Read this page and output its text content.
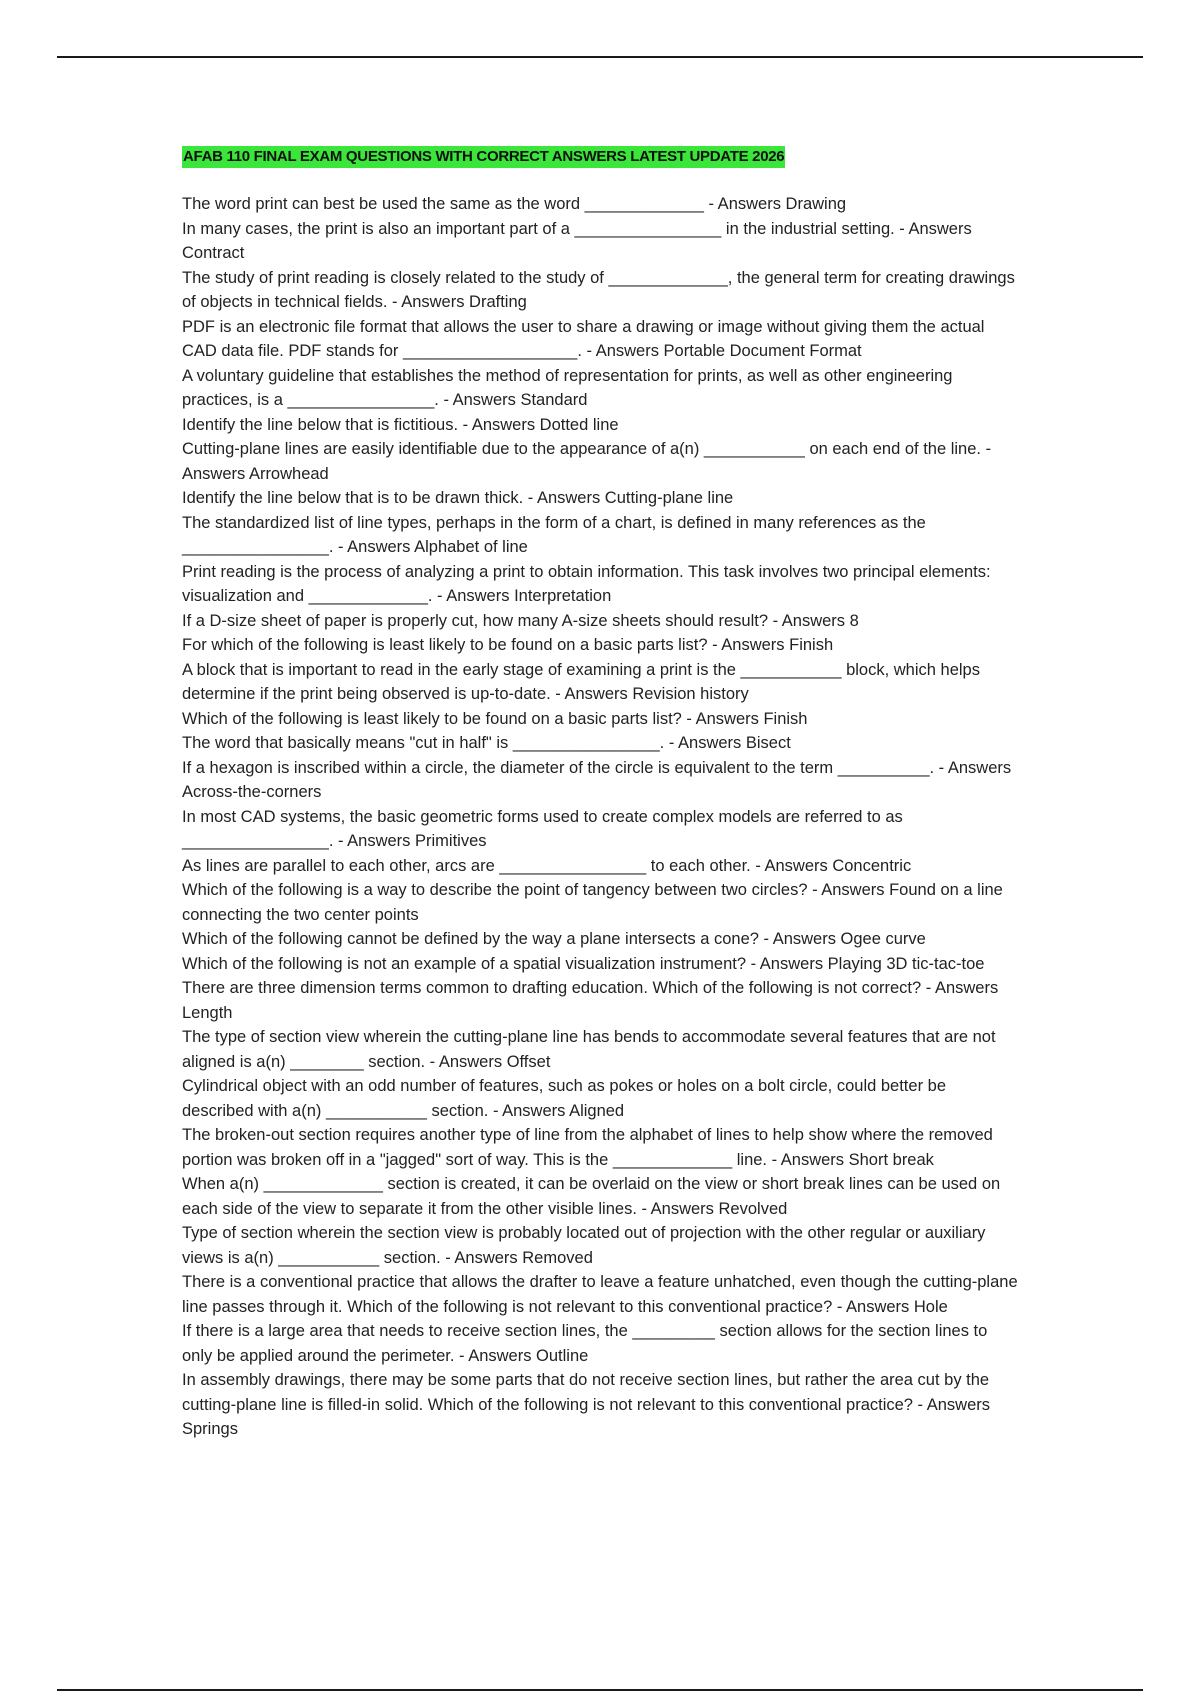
AFAB 110 FINAL EXAM QUESTIONS WITH CORRECT ANSWERS LATEST UPDATE 2026
The word print can best be used the same as the word _____________ - Answers Drawing
In many cases, the print is also an important part of a ________________ in the industrial setting. - Answers Contract
The study of print reading is closely related to the study of _____________, the general term for creating drawings of objects in technical fields. - Answers Drafting
PDF is an electronic file format that allows the user to share a drawing or image without giving them the actual CAD data file. PDF stands for ___________________. - Answers Portable Document Format
A voluntary guideline that establishes the method of representation for prints, as well as other engineering practices, is a ________________. - Answers Standard
Identify the line below that is fictitious. - Answers Dotted line
Cutting-plane lines are easily identifiable due to the appearance of a(n) ___________ on each end of the line. - Answers Arrowhead
Identify the line below that is to be drawn thick. - Answers Cutting-plane line
The standardized list of line types, perhaps in the form of a chart, is defined in many references as the ________________. - Answers Alphabet of line
Print reading is the process of analyzing a print to obtain information. This task involves two principal elements: visualization and _____________. - Answers Interpretation
If a D-size sheet of paper is properly cut, how many A-size sheets should result? - Answers 8
For which of the following is least likely to be found on a basic parts list? - Answers Finish
A block that is important to read in the early stage of examining a print is the ___________ block, which helps determine if the print being observed is up-to-date. - Answers Revision history
Which of the following is least likely to be found on a basic parts list? - Answers Finish
The word that basically means "cut in half" is ________________. - Answers Bisect
If a hexagon is inscribed within a circle, the diameter of the circle is equivalent to the term __________. - Answers Across-the-corners
In most CAD systems, the basic geometric forms used to create complex models are referred to as ________________. - Answers Primitives
As lines are parallel to each other, arcs are ________________ to each other. - Answers Concentric
Which of the following is a way to describe the point of tangency between two circles? - Answers Found on a line connecting the two center points
Which of the following cannot be defined by the way a plane intersects a cone? - Answers Ogee curve
Which of the following is not an example of a spatial visualization instrument? - Answers Playing 3D tic-tac-toe
There are three dimension terms common to drafting education. Which of the following is not correct? - Answers Length
The type of section view wherein the cutting-plane line has bends to accommodate several features that are not aligned is a(n) ________ section. - Answers Offset
Cylindrical object with an odd number of features, such as pokes or holes on a bolt circle, could better be described with a(n) ___________ section. - Answers Aligned
The broken-out section requires another type of line from the alphabet of lines to help show where the removed portion was broken off in a "jagged" sort of way. This is the _____________ line. - Answers Short break
When a(n) _____________ section is created, it can be overlaid on the view or short break lines can be used on each side of the view to separate it from the other visible lines. - Answers Revolved
Type of section wherein the section view is probably located out of projection with the other regular or auxiliary views is a(n) ___________ section. - Answers Removed
There is a conventional practice that allows the drafter to leave a feature unhatched, even though the cutting-plane line passes through it. Which of the following is not relevant to this conventional practice? - Answers Hole
If there is a large area that needs to receive section lines, the _________ section allows for the section lines to only be applied around the perimeter. - Answers Outline
In assembly drawings, there may be some parts that do not receive section lines, but rather the area cut by the cutting-plane line is filled-in solid. Which of the following is not relevant to this conventional practice? - Answers Springs
